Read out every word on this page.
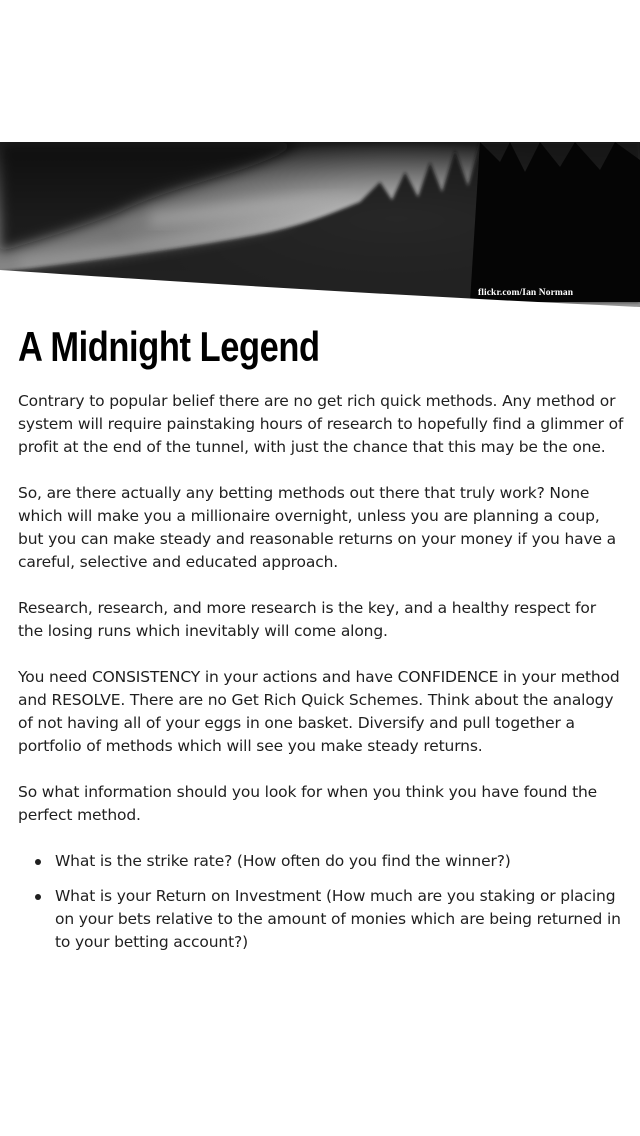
flickr.com/Ian Norman
A Midnight Legend

Contrary to popular belief there are no get rich quick methods. Any method or system will require painstaking hours of research to hopefully find a glimmer of profit at the end of the tunnel, with just the chance that this may be the one.

So, are there actually any betting methods out there that truly work? None which will make you a millionaire overnight, unless you are planning a coup, but you can make steady and reasonable returns on your money if you have a careful, selective and educated approach.

Research, research, and more research is the key, and a healthy respect for the losing runs which inevitably will come along.

You need CONSISTENCY in your actions and have CONFIDENCE in your method and RESOLVE. There are no Get Rich Quick Schemes. Think about the analogy of not having all of your eggs in one basket. Diversify and pull together a portfolio of methods which will see you make steady returns.

So what information should you look for when you think you have found the perfect method.

What is the strike rate? (How often do you find the winner?)
What is your Return on Investment (How much are you staking or placing on your bets relative to the amount of monies which are being returned in to your betting account?)
